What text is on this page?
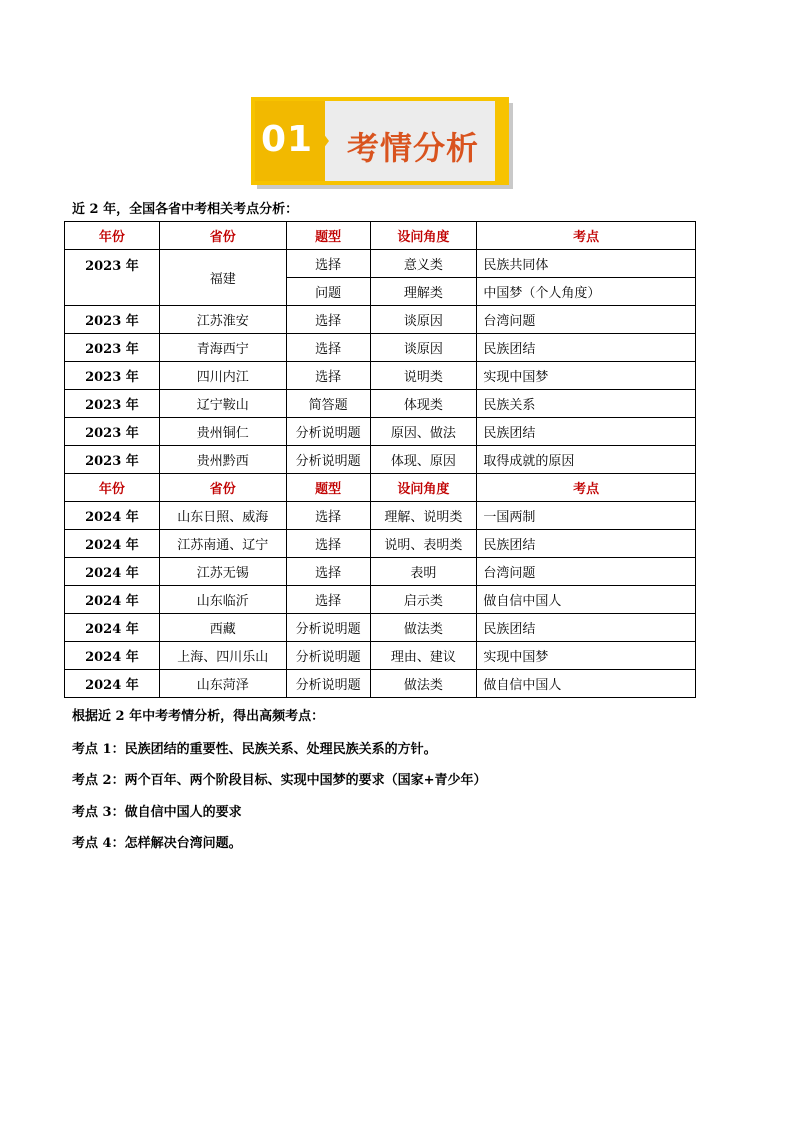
01 考情分析
近 2 年，全国各省中考相关考点分析：
年份	省份	题型	设问角度	考点
2023 年	福建	选择	意义类	民族共同体
		问题	理解类	中国梦（个人角度）
2023 年	江苏淮安	选择	谈原因	台湾问题
2023 年	青海西宁	选择	谈原因	民族团结
2023 年	四川内江	选择	说明类	实现中国梦
2023 年	辽宁鞍山	简答题	体现类	民族关系
2023 年	贵州铜仁	分析说明题	原因、做法	民族团结
2023 年	贵州黔西	分析说明题	体现、原因	取得成就的原因
年份	省份	题型	设问角度	考点
2024 年	山东日照、威海	选择	理解、说明类	一国两制
2024 年	江苏南通、辽宁	选择	说明、表明类	民族团结
2024 年	江苏无锡	选择	表明	台湾问题
2024 年	山东临沂	选择	启示类	做自信中国人
2024 年	西藏	分析说明题	做法类	民族团结
2024 年	上海、四川乐山	分析说明题	理由、建议	实现中国梦
2024 年	山东菏泽	分析说明题	做法类	做自信中国人
根据近 2 年中考考情分析，得出高频考点：
考点 1：民族团结的重要性、民族关系、处理民族关系的方针。
考点 2：两个百年、两个阶段目标、实现中国梦的要求（国家+青少年）
考点 3：做自信中国人的要求
考点 4：怎样解决台湾问题。
